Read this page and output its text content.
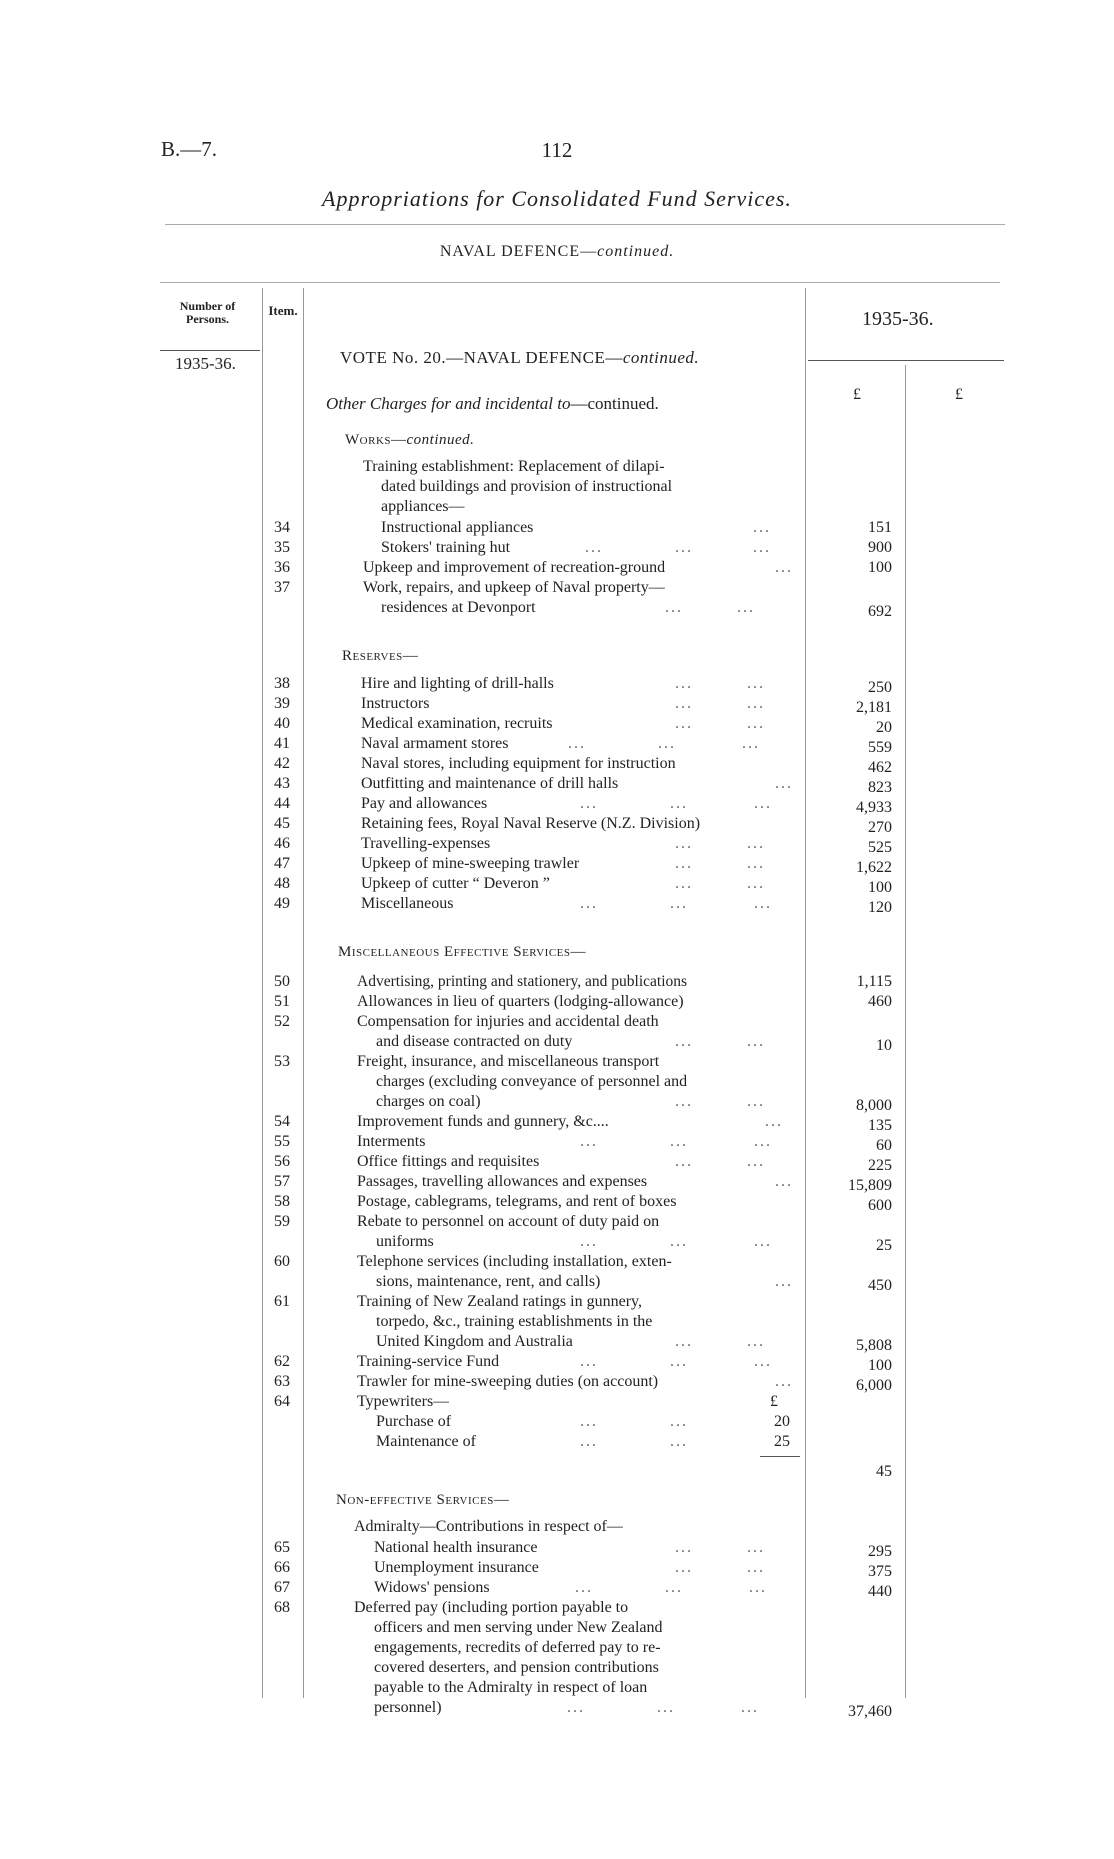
B.—7.	112
Appropriations for Consolidated Fund Services.
NAVAL DEFENCE—continued.
Number of Persons.
Item.	1935-36.
1935-36.
£	£
VOTE No. 20.—NAVAL DEFENCE—continued.
Other Charges for and incidental to—continued.
Works—continued.
Training establishment: Replacement of dilapi-
dated buildings and provision of instructional
appliances—
34	Instructional appliances	...	151
35	Stokers' training hut	...            ...          ...	900
36	Upkeep and improvement of recreation-ground	...	100
37	Work, repairs, and upkeep of Naval property—
residences at Devonport	...         ...	692
Reserves—
38	Hire and lighting of drill-halls	...         ...	250
39	Instructors	...         ...	2,181
40	Medical examination, recruits	...         ...	20
41	Naval armament stores	...            ...           ...	559
42	Naval stores, including equipment for instruction	462
43	Outfitting and maintenance of drill halls	...	823
44	Pay and allowances	...            ...           ...	4,933
45	Retaining fees, Royal Naval Reserve (N.Z. Division)	270
46	Travelling-expenses	...         ...	525
47	Upkeep of mine-sweeping trawler	...         ...	1,622
48	Upkeep of cutter “ Deveron ”	...         ...	100
49	Miscellaneous	...            ...           ...	120
Miscellaneous Effective Services—
50	Advertising, printing and stationery, and publications	1,115
51	Allowances in lieu of quarters (lodging-allowance)	460
52	Compensation for injuries and accidental death
and disease contracted on duty	...         ...	10
53	Freight, insurance, and miscellaneous transport
charges (excluding conveyance of personnel and
charges on coal)	...         ...	8,000
54	Improvement funds and gunnery, &c....	...	135
55	Interments	...            ...           ...	60
56	Office fittings and requisites	...         ...	225
57	Passages, travelling allowances and expenses	...	15,809
58	Postage, cablegrams, telegrams, and rent of boxes	600
59	Rebate to personnel on account of duty paid on
uniforms	...            ...           ...	25
60	Telephone services (including installation, exten-
sions, maintenance, rent, and calls)	...	450
61	Training of New Zealand ratings in gunnery,
torpedo, &c., training establishments in the
United Kingdom and Australia	...         ...	5,808
62	Training-service Fund	...            ...           ...	100
63	Trawler for mine-sweeping duties (on account)	...	6,000
64	Typewriters—	£
Purchase of	...            ...	20
Maintenance of	...            ...	25
45
Non-effective Services—
Admiralty—Contributions in respect of—
65	National health insurance	...         ...	295
66	Unemployment insurance	...         ...	375
67	Widows' pensions	...            ...           ...	440
68	Deferred pay (including portion payable to
officers and men serving under New Zealand
engagements, recredits of deferred pay to re-
covered deserters, and pension contributions
payable to the Admiralty in respect of loan
personnel)	...            ...           ...	37,460
